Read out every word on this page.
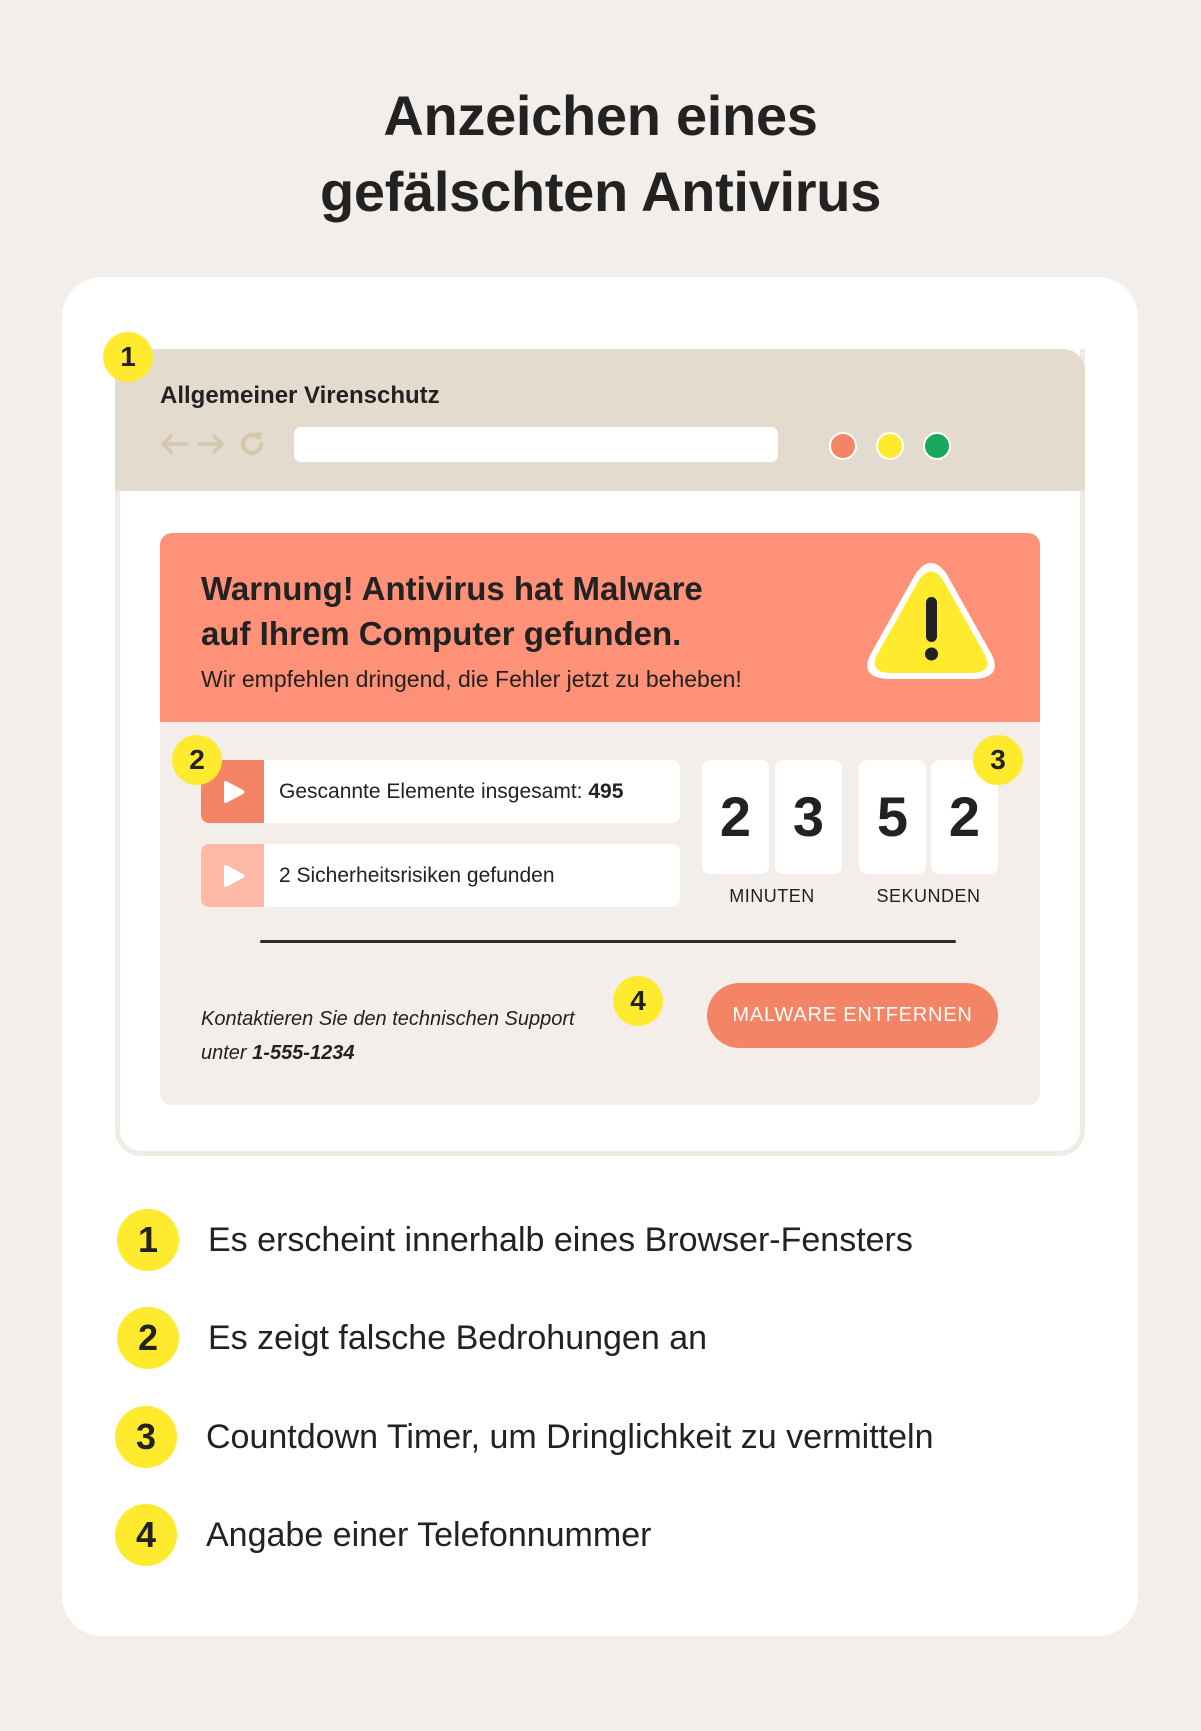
Anzeichen eines
gefälschten Antivirus
Allgemeiner Virenschutz
1
Warnung! Antivirus hat Malware
auf Ihrem Computer gefunden.
Wir empfehlen dringend, die Fehler jetzt zu beheben!
Gescannte Elemente insgesamt: 495
2 Sicherheitsrisiken gefunden
2 3 5 2
MINUTEN	SEKUNDEN
Kontaktieren Sie den technischen Support
unter 1-555-1234
MALWARE ENTFERNEN
2	3
4
1	Es erscheint innerhalb eines Browser-Fensters
2	Es zeigt falsche Bedrohungen an
3	Countdown Timer, um Dringlichkeit zu vermitteln
4	Angabe einer Telefonnummer
